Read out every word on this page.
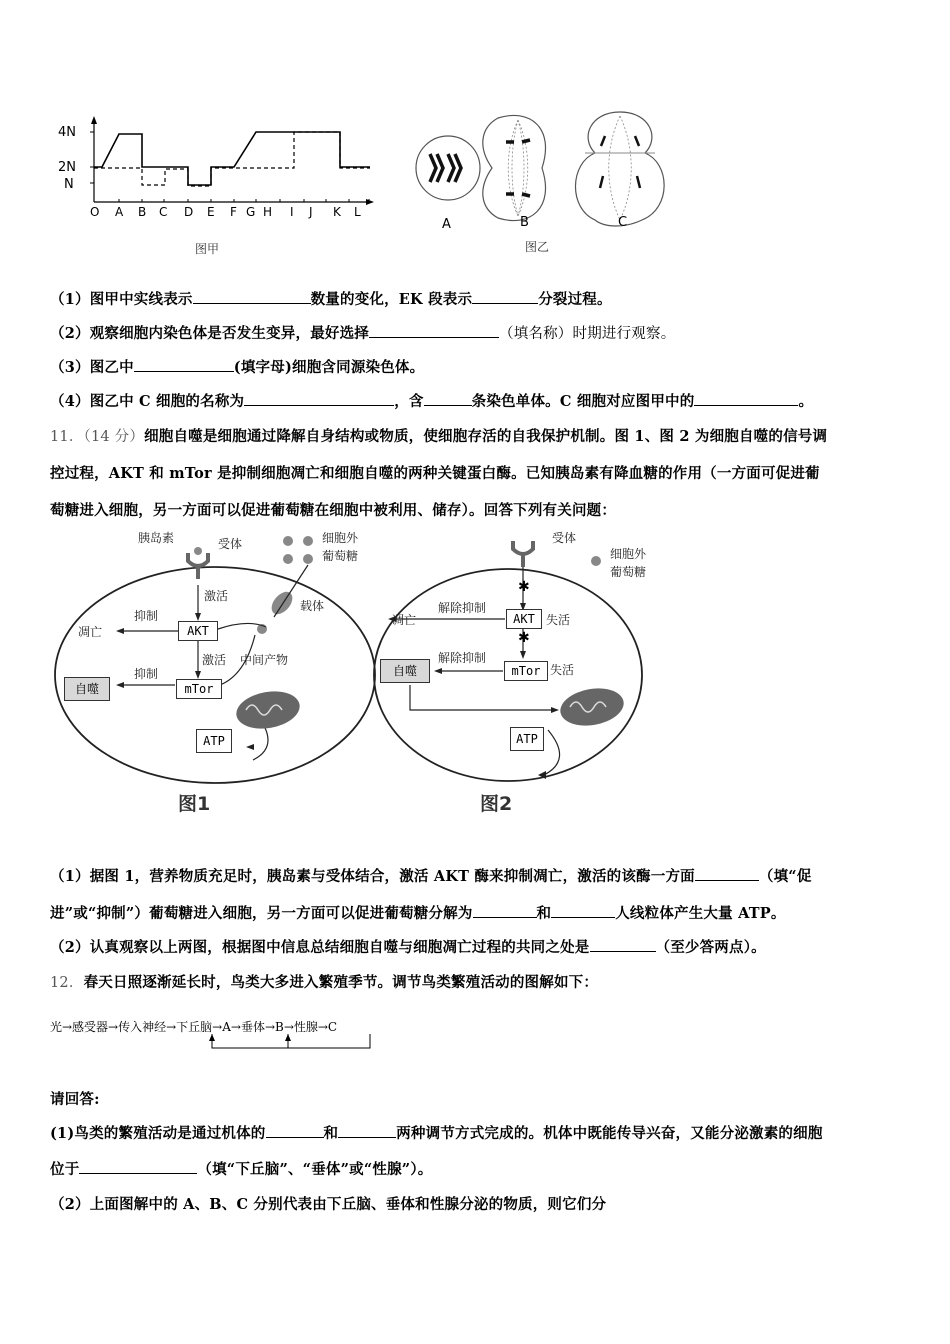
4N
2N
N
O A B C D E F G H I J K L
图甲
A	B	C
图乙
（1）图甲中实线表示	数量的变化，EK 段表示	分裂过程。
（2）观察细胞内染色体是否发生变异，最好选择	（填名称）时期进行观察。
（3）图乙中	(填字母)细胞含同源染色体。
（4）图乙中 C 细胞的名称为	，含	条染色单体。C 细胞对应图甲中的	。
11．（14 分）细胞自噬是细胞通过降解自身结构或物质，使细胞存活的自我保护机制。图 1、图 2 为细胞自噬的信号调
控过程，AKT 和 mTor 是抑制细胞凋亡和细胞自噬的两种关键蛋白酶。已知胰岛素有降血糖的作用（一方面可促进葡
萄糖进入细胞，另一方面可以促进葡萄糖在细胞中被利用、储存）。回答下列有关问题：
胰岛素	受体	细胞外
葡萄糖
激活
载体
抑制
凋亡	AKT
激活 中间产物
抑制
自噬	mTor
ATP
图1
✱
✱
受体
细胞外
葡萄糖
解除抑制
凋亡	AKT 失活
解除抑制
自噬	mTor 失活
ATP
图2
（1）据图 1，营养物质充足时，胰岛素与受体结合，激活 AKT 酶来抑制凋亡，激活的该酶一方面	（填“促
进”或“抑制”）葡萄糖进入细胞，另一方面可以促进葡萄糖分解为	和	人线粒体产生大量 ATP。
（2）认真观察以上两图，根据图中信息总结细胞自噬与细胞凋亡过程的共同之处是	（至少答两点）。
12．春天日照逐渐延长时，鸟类大多进入繁殖季节。调节鸟类繁殖活动的图解如下：
光→感受器→传入神经→下丘脑→A→垂体→B→性腺→C
请回答:
(1)鸟类的繁殖活动是通过机体的	和	两种调节方式完成的。机体中既能传导兴奋，又能分泌激素的细胞
位于	（填“下丘脑”、“垂体”或“性腺”）。
（2）上面图解中的 A、B、C 分别代表由下丘脑、垂体和性腺分泌的物质，则它们分
